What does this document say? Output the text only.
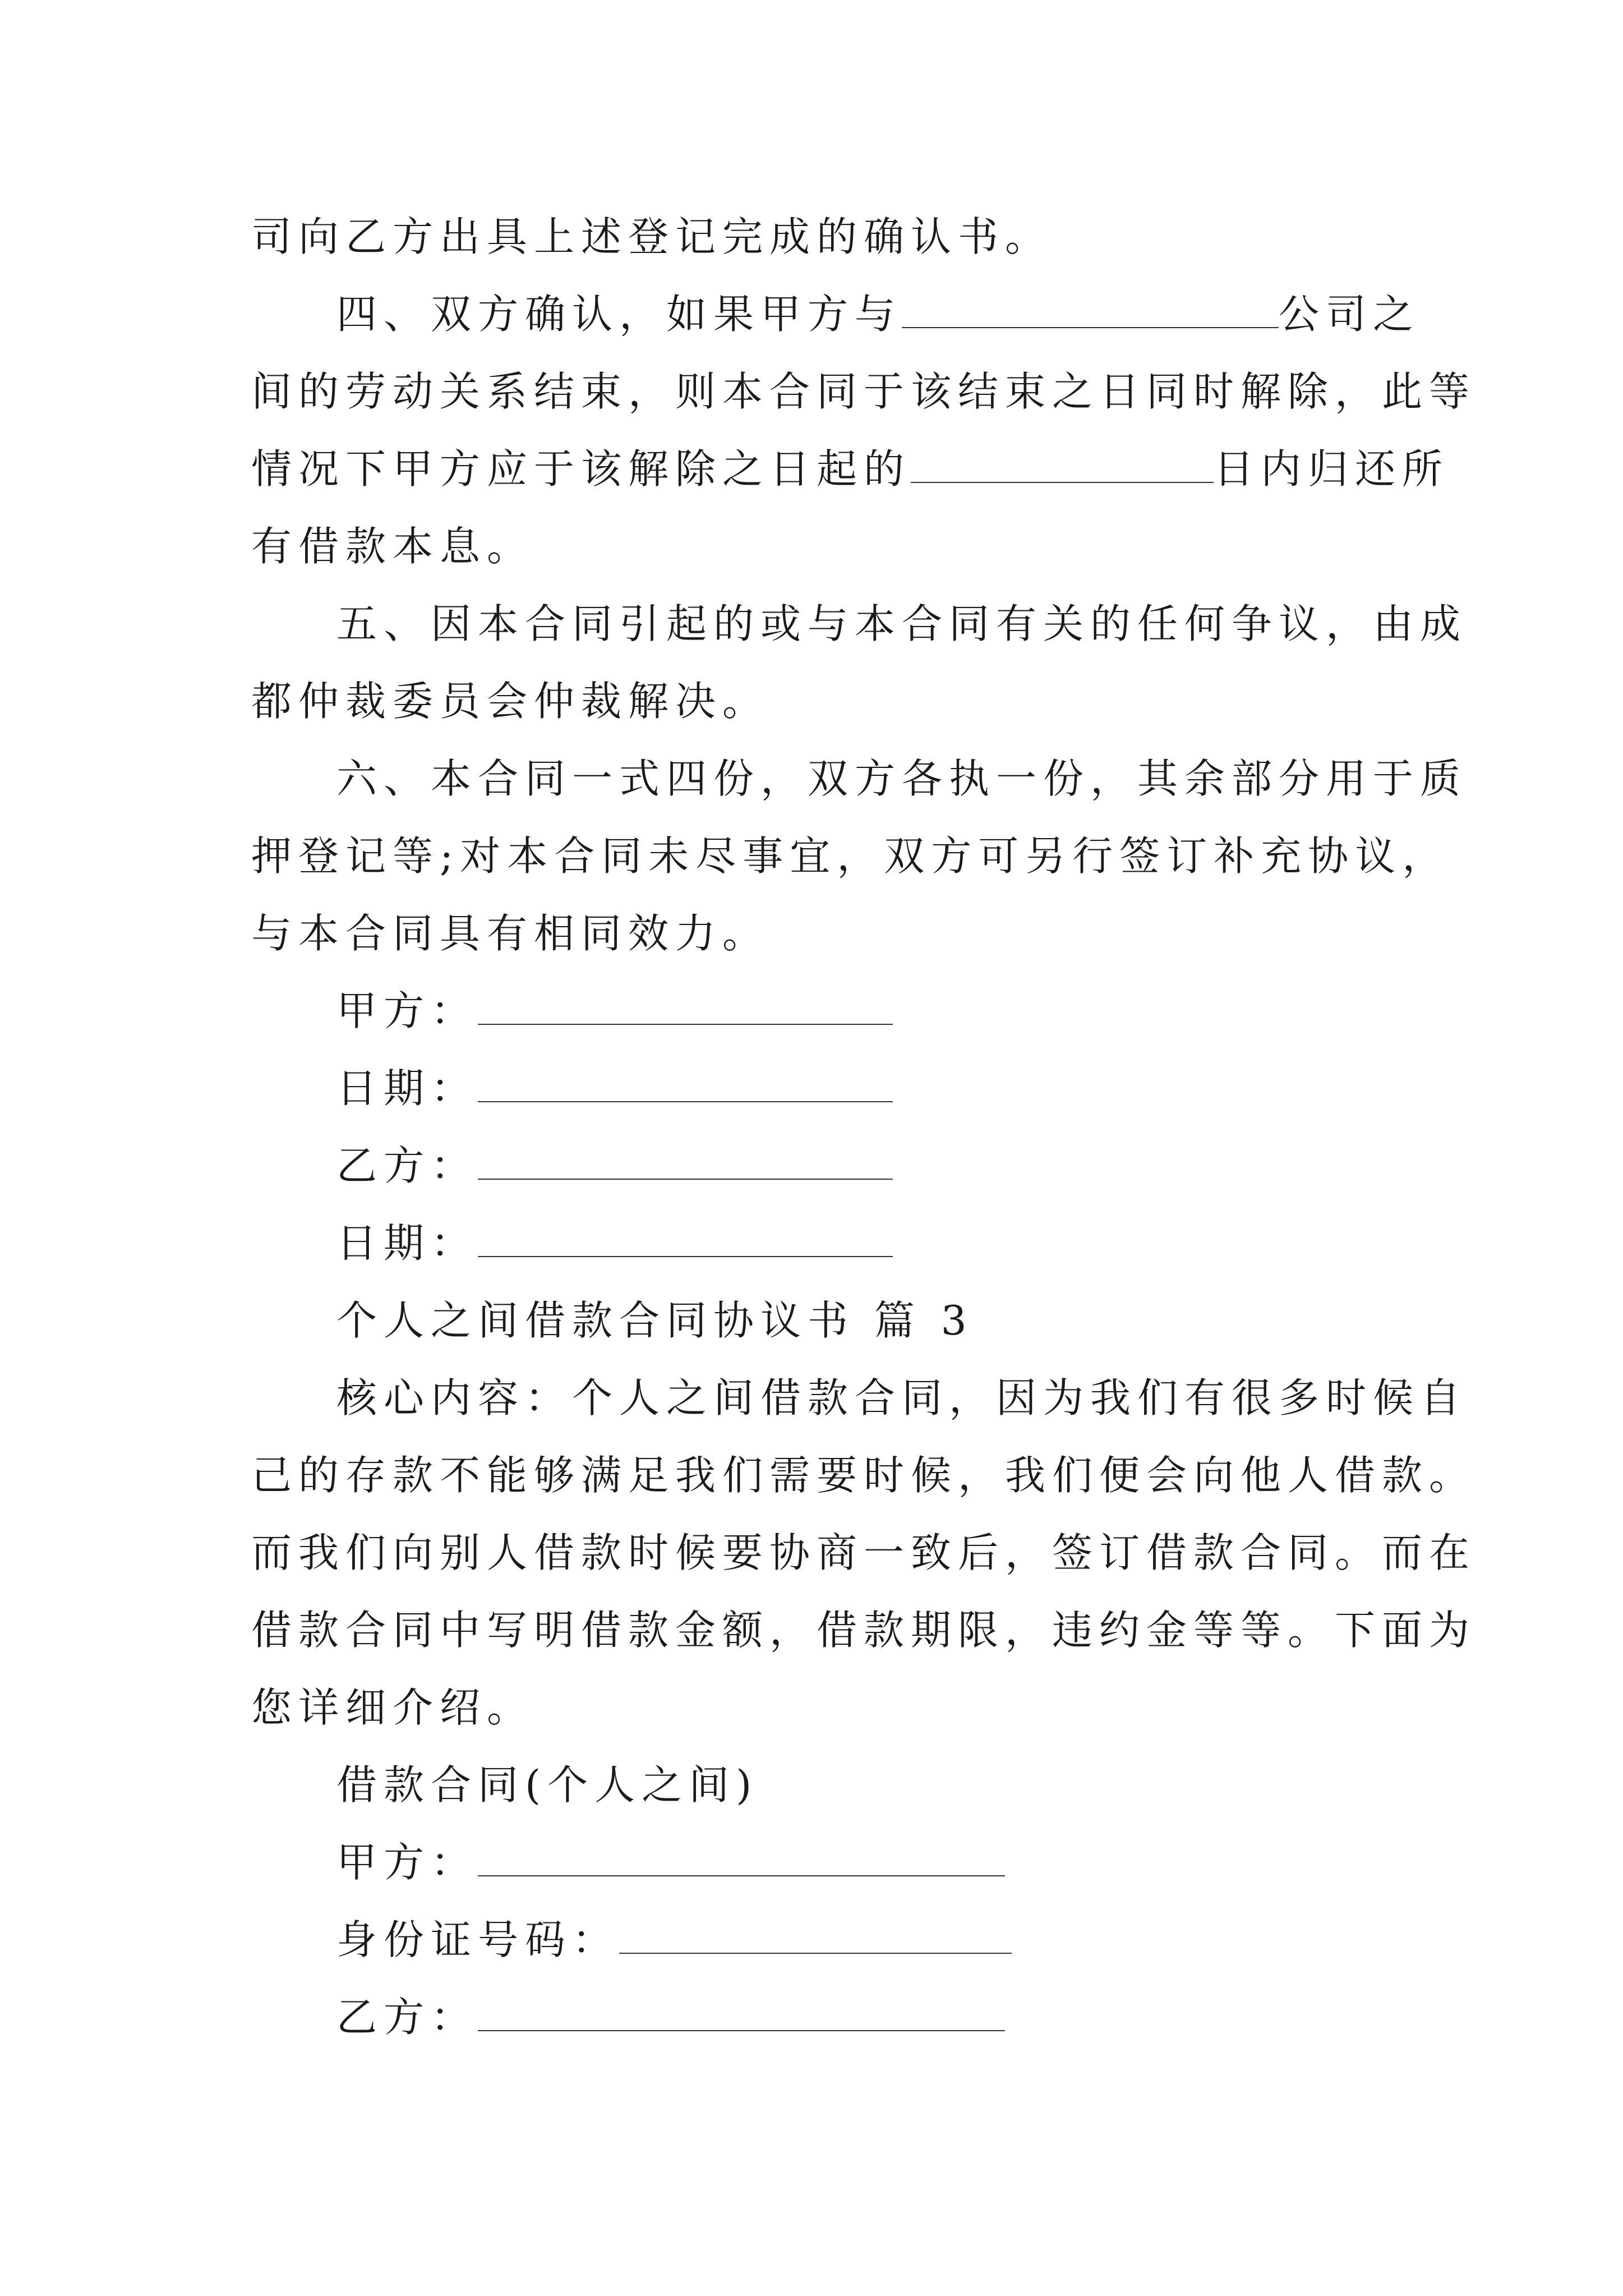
司向乙方出具上述登记完成的确认书。
四、双方确认，如果甲方与	公司之
间的劳动关系结束，则本合同于该结束之日同时解除，此等
情况下甲方应于该解除之日起的	日内归还所
有借款本息。
五、因本合同引起的或与本合同有关的任何争议，由成
都仲裁委员会仲裁解决。
六、本合同一式四份，双方各执一份，其余部分用于质
押登记等;对本合同未尽事宜，双方可另行签订补充协议，
与本合同具有相同效力。
甲方：
日期：
乙方：
日期：
个人之间借款合同协议书 篇 3
核心内容：个人之间借款合同，因为我们有很多时候自
己的存款不能够满足我们需要时候，我们便会向他人借款。
而我们向别人借款时候要协商一致后，签订借款合同。而在
借款合同中写明借款金额，借款期限，违约金等等。下面为
您详细介绍。
借款合同(个人之间)
甲方：
身份证号码：
乙方：
